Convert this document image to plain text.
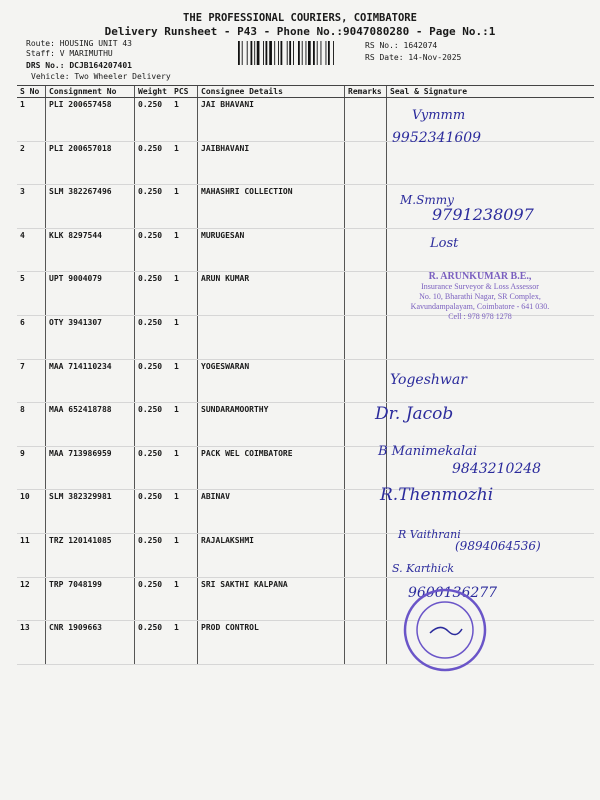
THE PROFESSIONAL COURIERS, COIMBATORE
Delivery Runsheet - P43 - Phone No.:9047080280 - Page No.:1
Route: HOUSING UNIT 43
Staff: V MARIMUTHU
DRS No.: DCJB164207401
Vehicle: Two Wheeler Delivery
RS No.: 1642074
RS Date: 14-Nov-2025
S No	Consignment No	Weight	PCS	Consignee Details	Remarks	Seal & Signature
1	PLI 200657458	0.250	1	JAI BHAVANI		
2	PLI 200657018	0.250	1	JAIBHAVANI		
3	SLM 382267496	0.250	1	MAHASHRI COLLECTION		
4	KLK 8297544	0.250	1	MURUGESAN		
5	UPT 9004079	0.250	1	ARUN KUMAR		
6	OTY 3941307	0.250	1			
7	MAA 714110234	0.250	1	YOGESWARAN		
8	MAA 652418788	0.250	1	SUNDARAMOORTHY		
9	MAA 713986959	0.250	1	PACK WEL COIMBATORE		
10	SLM 382329981	0.250	1	ABINAV		
11	TRZ 120141085	0.250	1	RAJALAKSHMI		
12	TRP 7048199	0.250	1	SRI SAKTHI KALPANA		
13	CNR 1909663	0.250	1	PROD CONTROL		
Vymmm
9952341609
M.Smmy
9791238097
Lost
Yogeshwar
Dr. Jacob
B Manimekalai
9843210248
R.Thenmozhi
R Vaithrani
(9894064536)
S. Karthick
9600136277
R. ARUNKUMAR B.E.,
Insurance Surveyor & Loss Assessor
No. 10, Bharathi Nagar, SR Complex,
Kavundampalayam, Coimbatore - 641 030.
Cell : 978 978 1278
